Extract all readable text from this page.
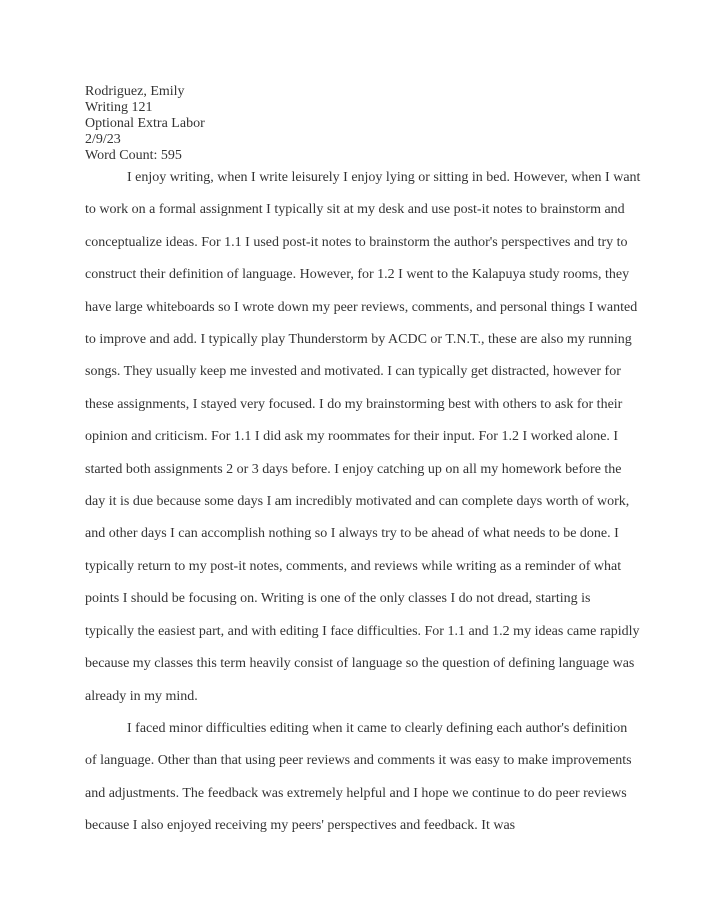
Rodriguez, Emily
Writing 121
Optional Extra Labor
2/9/23
Word Count: 595

I enjoy writing, when I write leisurely I enjoy lying or sitting in bed. However, when I want to work on a formal assignment I typically sit at my desk and use post-it notes to brainstorm and conceptualize ideas. For 1.1 I used post-it notes to brainstorm the author's perspectives and try to construct their definition of language. However, for 1.2 I went to the Kalapuya study rooms, they have large whiteboards so I wrote down my peer reviews, comments, and personal things I wanted to improve and add. I typically play Thunderstorm by ACDC or T.N.T., these are also my running songs. They usually keep me invested and motivated. I can typically get distracted, however for these assignments, I stayed very focused. I do my brainstorming best with others to ask for their opinion and criticism. For 1.1 I did ask my roommates for their input. For 1.2 I worked alone. I started both assignments 2 or 3 days before. I enjoy catching up on all my homework before the day it is due because some days I am incredibly motivated and can complete days worth of work, and other days I can accomplish nothing so I always try to be ahead of what needs to be done. I typically return to my post-it notes, comments, and reviews while writing as a reminder of what points I should be focusing on. Writing is one of the only classes I do not dread, starting is typically the easiest part, and with editing I face difficulties. For 1.1 and 1.2 my ideas came rapidly because my classes this term heavily consist of language so the question of defining language was already in my mind.

I faced minor difficulties editing when it came to clearly defining each author's definition of language. Other than that using peer reviews and comments it was easy to make improvements and adjustments. The feedback was extremely helpful and I hope we continue to do peer reviews because I also enjoyed receiving my peers' perspectives and feedback. It was
